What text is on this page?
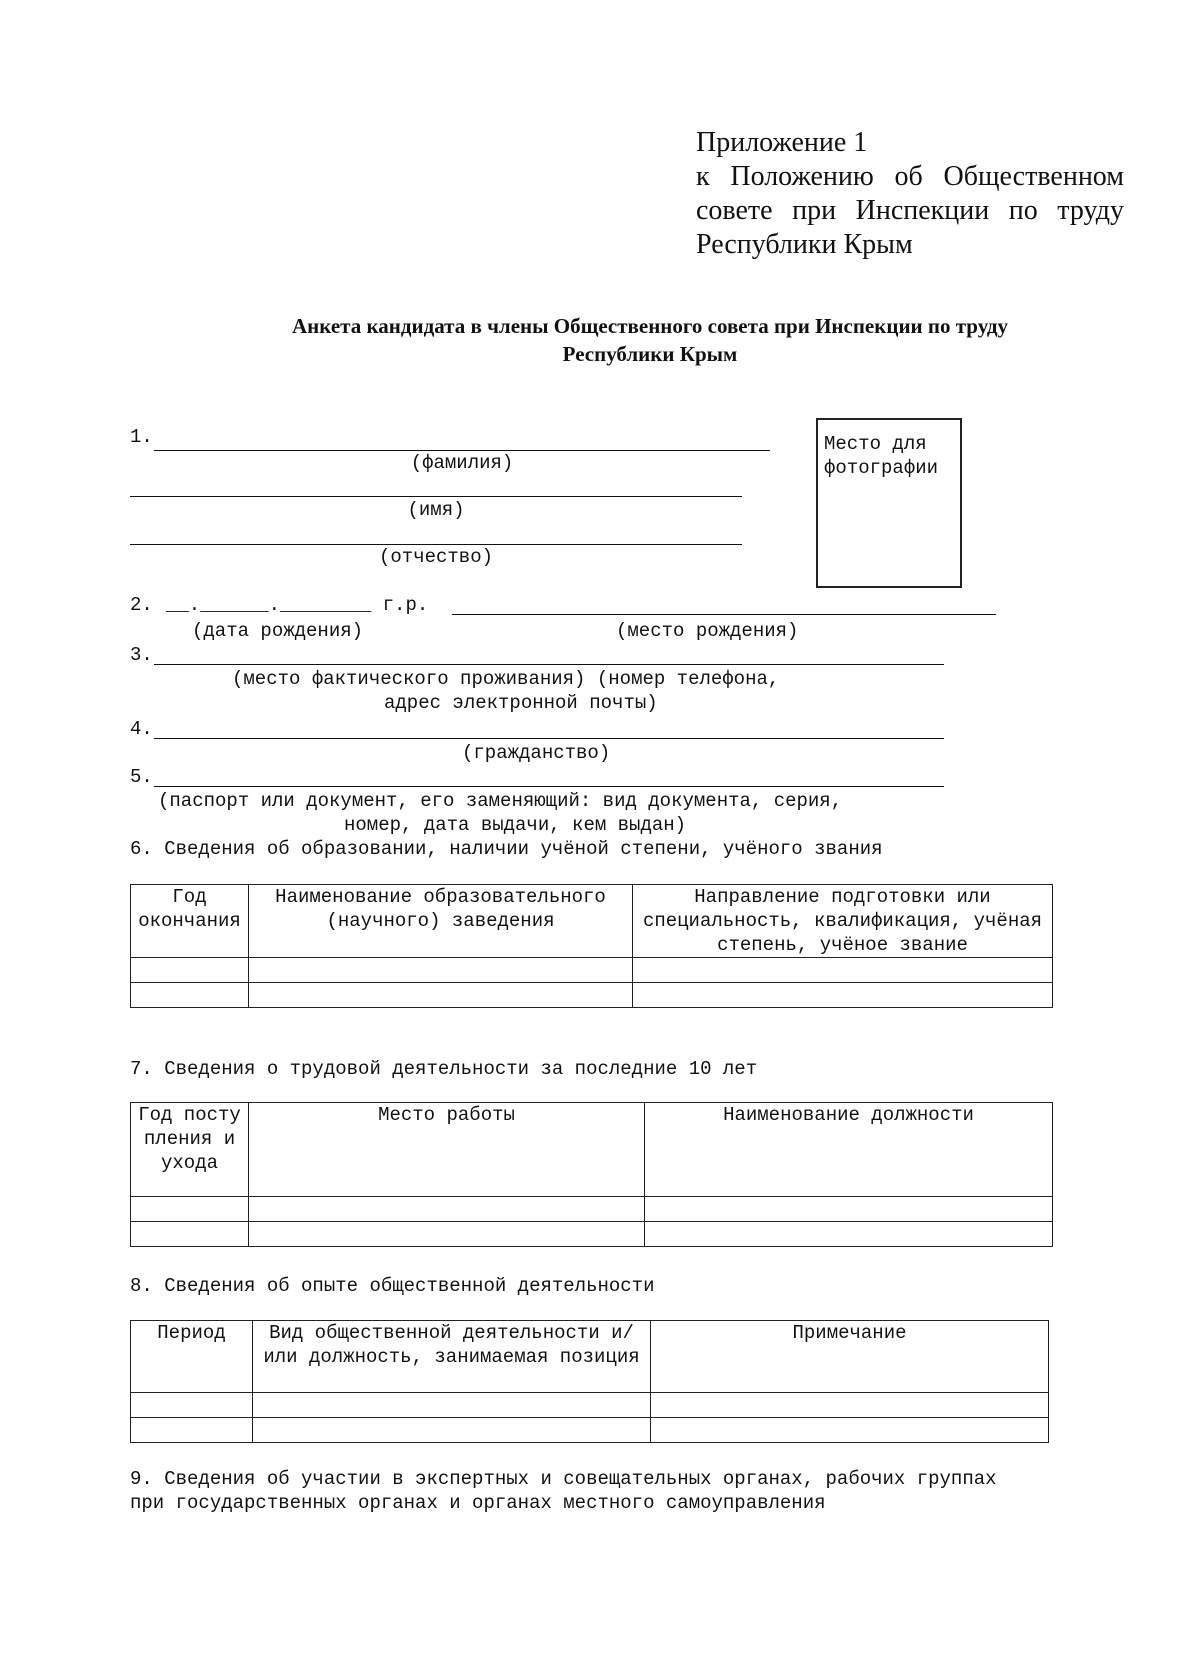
Приложение 1
к Положению об Общественном
совете при Инспекции по труду
Республики Крым
Анкета кандидата в члены Общественного совета при Инспекции по труду
Республики Крым
Место для фотографии
1.
(фамилия)
(имя)
(отчество)
2. __.______.________ г.р.
(дата рождения)	(место рождения)
3.
(место фактического проживания) (номер телефона,
адрес электронной почты)
4.
(гражданство)
5.
(паспорт или документ, его заменяющий: вид документа, серия,
номер, дата выдачи, кем выдан)
6. Сведения об образовании, наличии учёной степени, учёного звания
Год окончания	Наименование образовательного (научного) заведения	Направление подготовки или специальность, квалификация, учёная степень, учёное звание

7. Сведения о трудовой деятельности за последние 10 лет
Год поступления и ухода	Место работы	Наименование должности

8. Сведения об опыте общественной деятельности
Период	Вид общественной деятельности и/или должность, занимаемая позиция	Примечание

9. Сведения об участии в экспертных и совещательных органах, рабочих группах
при государственных органах и органах местного самоуправления
